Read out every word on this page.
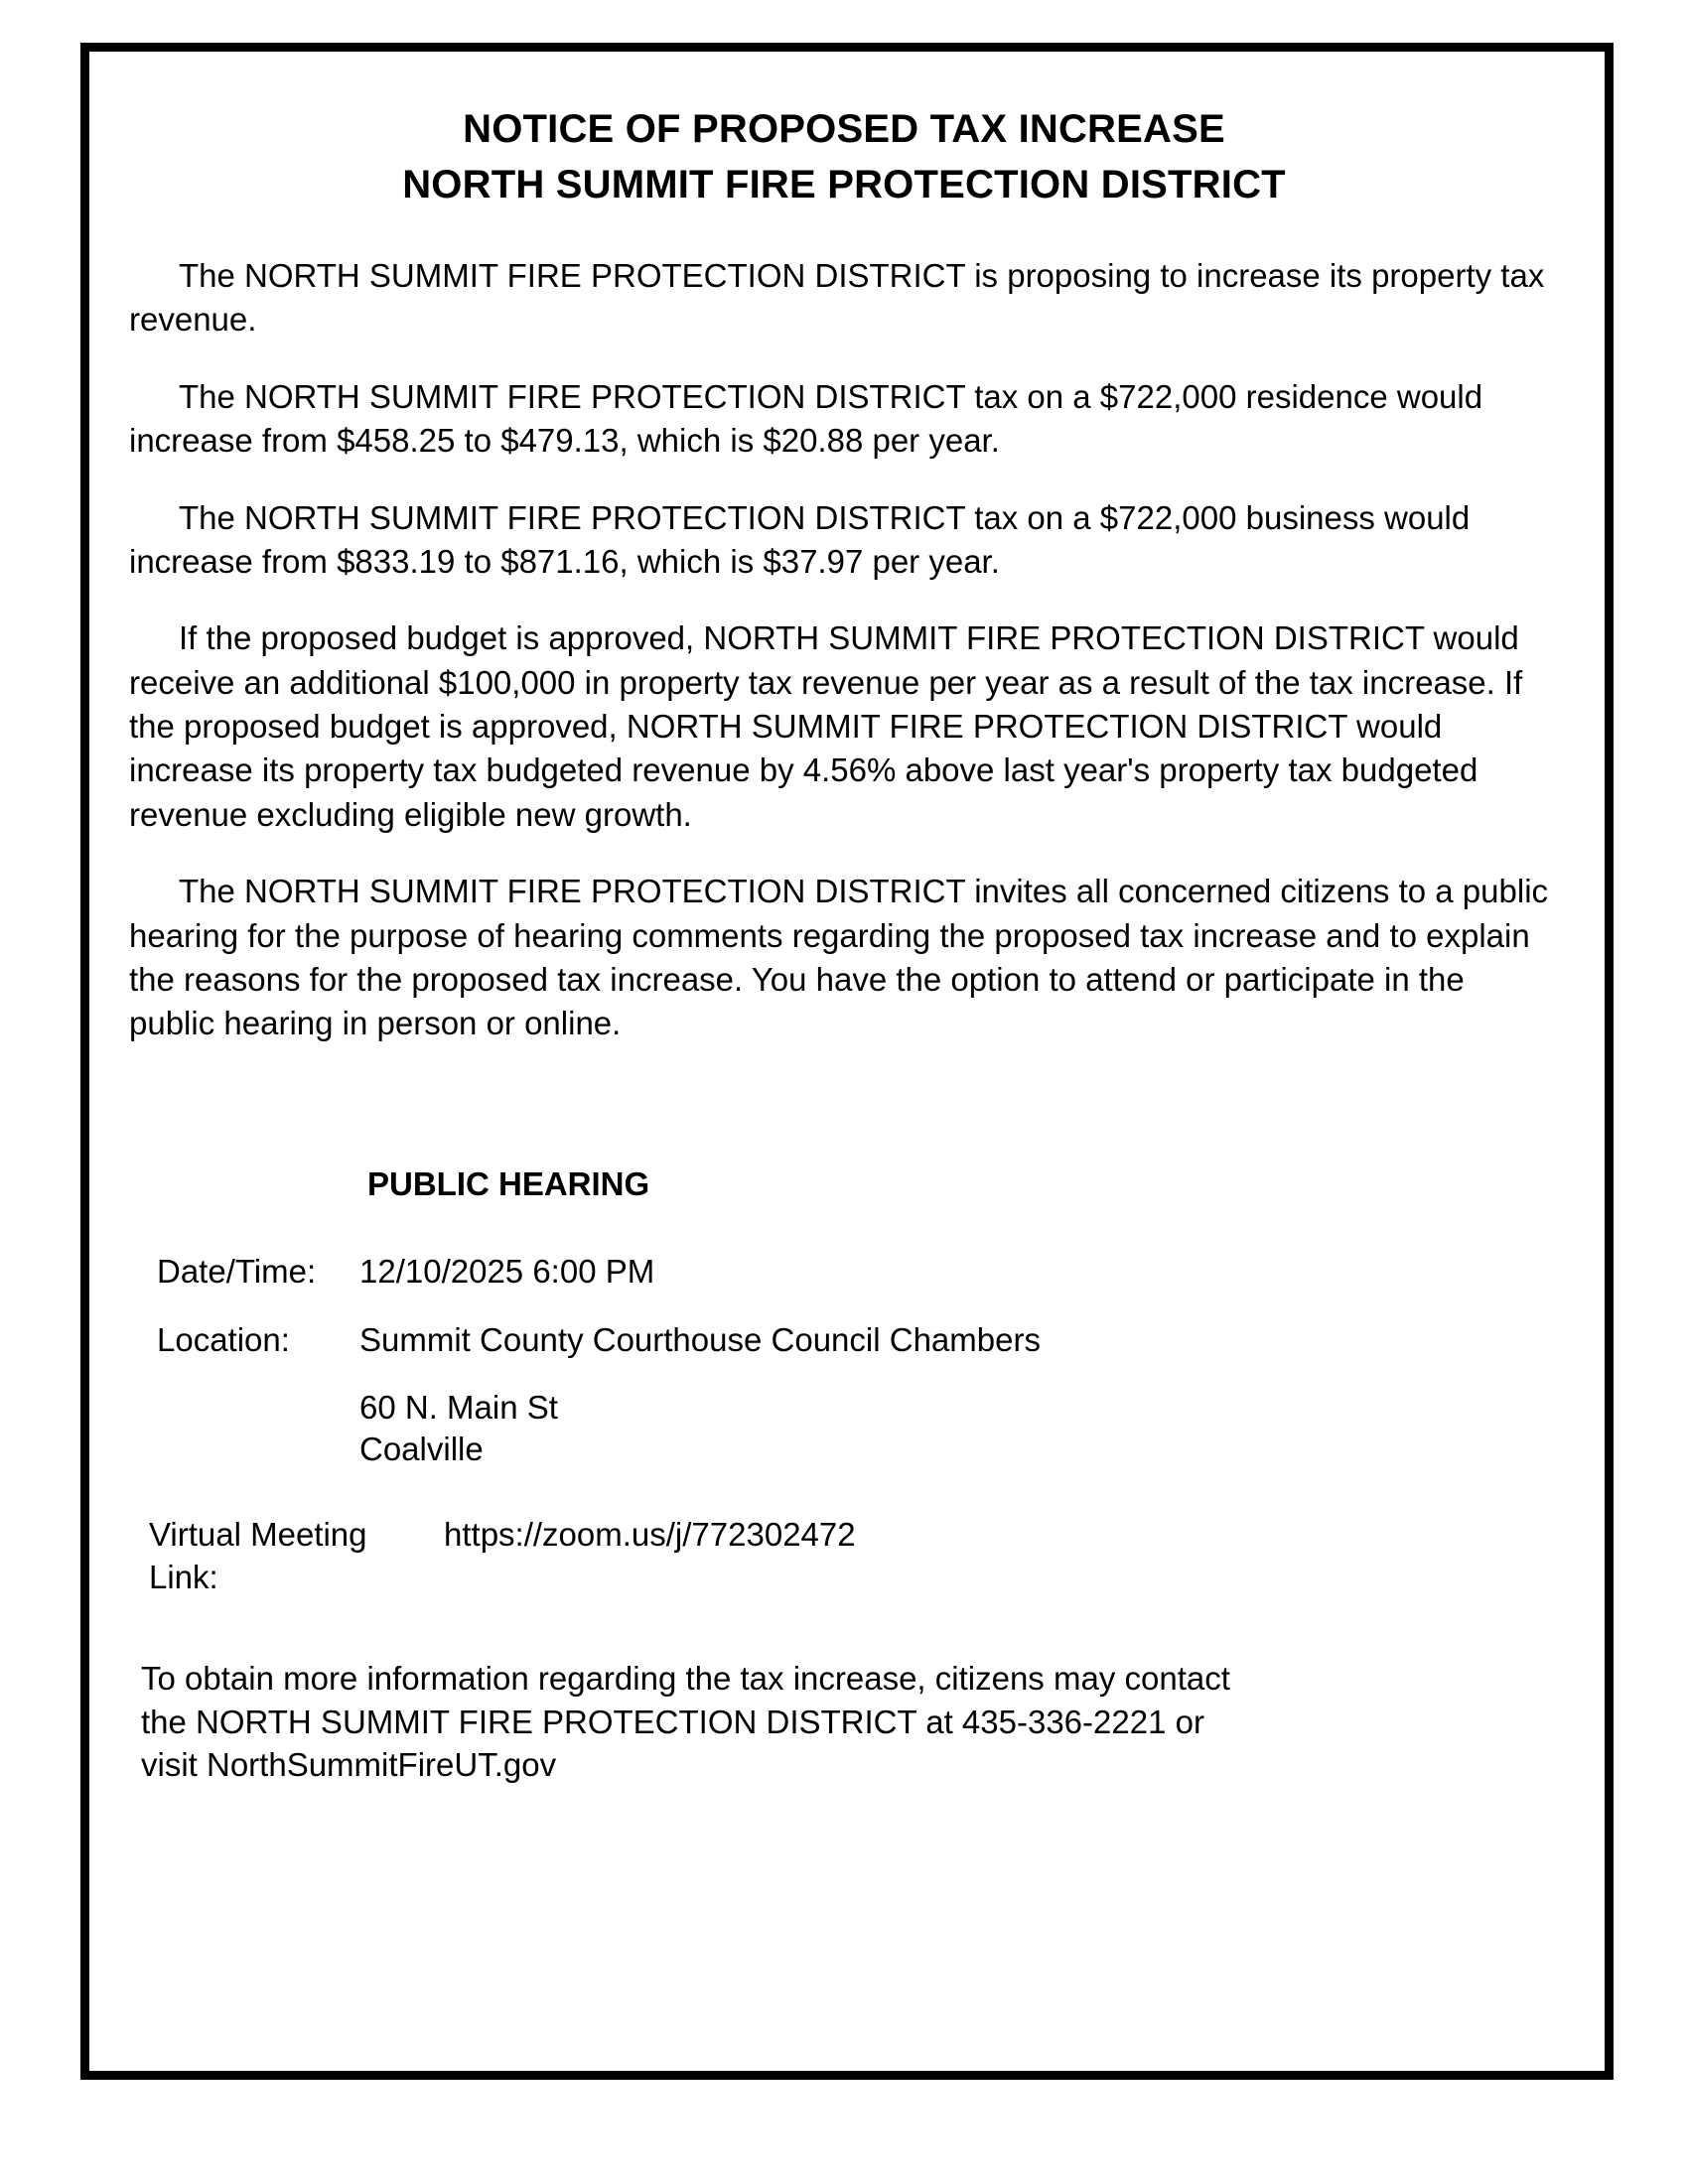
NOTICE OF PROPOSED TAX INCREASE
NORTH SUMMIT FIRE PROTECTION DISTRICT

The NORTH SUMMIT FIRE PROTECTION DISTRICT is proposing to increase its property tax revenue.

The NORTH SUMMIT FIRE PROTECTION DISTRICT tax on a $722,000 residence would increase from $458.25 to $479.13, which is $20.88 per year.

The NORTH SUMMIT FIRE PROTECTION DISTRICT tax on a $722,000 business would increase from $833.19 to $871.16, which is $37.97 per year.

If the proposed budget is approved, NORTH SUMMIT FIRE PROTECTION DISTRICT would receive an additional $100,000 in property tax revenue per year as a result of the tax increase. If the proposed budget is approved, NORTH SUMMIT FIRE PROTECTION DISTRICT would increase its property tax budgeted revenue by 4.56% above last year's property tax budgeted revenue excluding eligible new growth.

The NORTH SUMMIT FIRE PROTECTION DISTRICT invites all concerned citizens to a public hearing for the purpose of hearing comments regarding the proposed tax increase and to explain the reasons for the proposed tax increase. You have the option to attend or participate in the public hearing in person or online.

PUBLIC HEARING
Date/Time:	12/10/2025 6:00 PM
Location:	Summit County Courthouse Council Chambers
60 N. Main St
Coalville
Virtual Meeting Link:
https://zoom.us/j/772302472
To obtain more information regarding the tax increase, citizens may contact
the NORTH SUMMIT FIRE PROTECTION DISTRICT at 435-336-2221 or
visit NorthSummitFireUT.gov
